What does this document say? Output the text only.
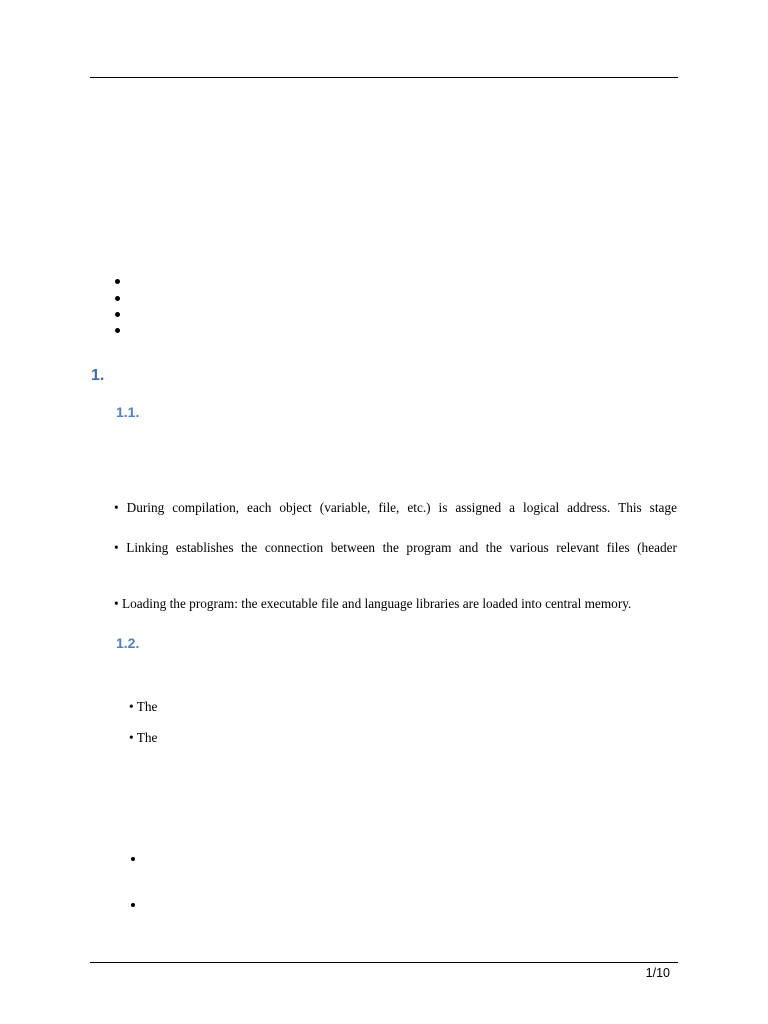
1.
1.1.

• During compilation, each object (variable, file, etc.) is assigned a logical address. This stage

• Linking establishes the connection between the program and the various relevant files (header

• Loading the program: the executable file and language libraries are loaded into central memory.

1.2.

• The

• The

1/10
